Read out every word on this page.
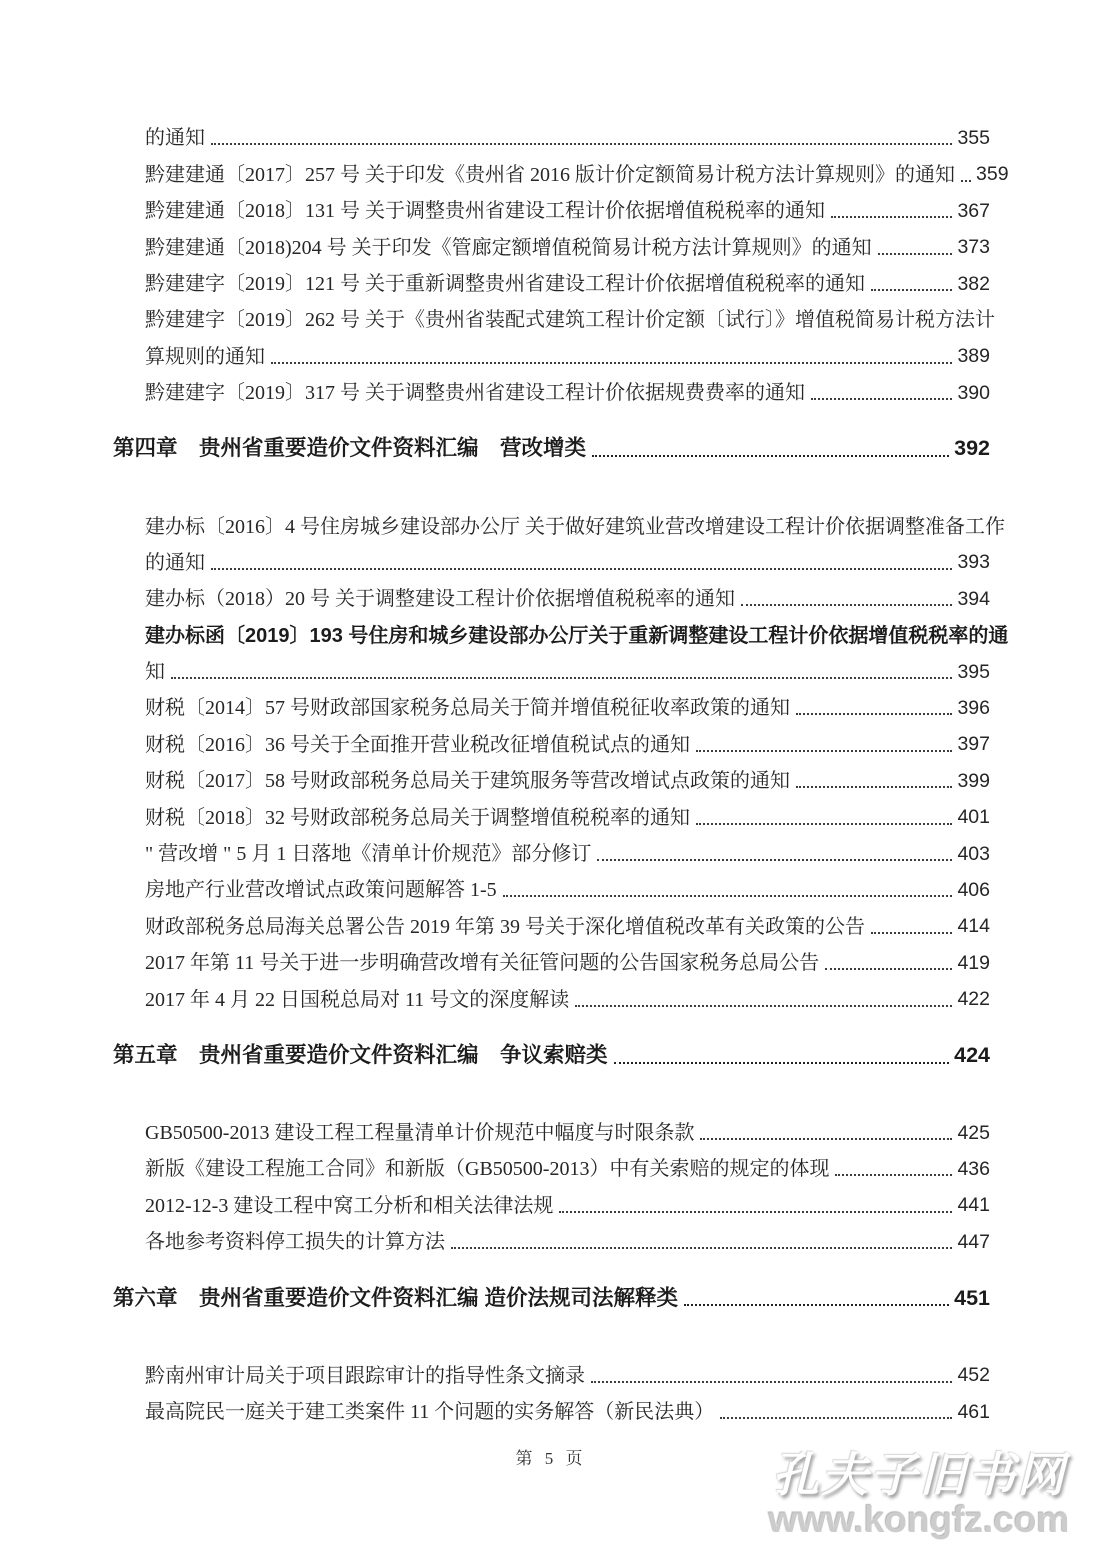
的通知	355
黔建建通〔2017〕257 号 关于印发《贵州省 2016 版计价定额简易计税方法计算规则》的通知 359
黔建建通〔2018〕131 号 关于调整贵州省建设工程计价依据增值税税率的通知	367
黔建建通〔2018)204 号 关于印发《管廊定额增值税简易计税方法计算规则》的通知	373
黔建建字〔2019〕121 号 关于重新调整贵州省建设工程计价依据增值税税率的通知	382
黔建建字〔2019〕262 号 关于《贵州省装配式建筑工程计价定额〔试行〕》增值税简易计税方法计
算规则的通知	389
黔建建字〔2019〕317 号 关于调整贵州省建设工程计价依据规费费率的通知	390
第四章　贵州省重要造价文件资料汇编　营改增类	392
建办标〔2016〕4 号住房城乡建设部办公厅 关于做好建筑业营改增建设工程计价依据调整准备工作
的通知	393
建办标（2018）20 号 关于调整建设工程计价依据增值税税率的通知	394
建办标函〔2019〕193 号住房和城乡建设部办公厅关于重新调整建设工程计价依据增值税税率的通
知	395
财税〔2014〕57 号财政部国家税务总局关于简并增值税征收率政策的通知	396
财税〔2016〕36 号关于全面推开营业税改征增值税试点的通知	397
财税〔2017〕58 号财政部税务总局关于建筑服务等营改增试点政策的通知	399
财税〔2018〕32 号财政部税务总局关于调整增值税税率的通知	401
" 营改增 " 5 月 1 日落地《清单计价规范》部分修订	403
房地产行业营改增试点政策问题解答 1-5	406
财政部税务总局海关总署公告 2019 年第 39 号关于深化增值税改革有关政策的公告	414
2017 年第 11 号关于进一步明确营改增有关征管问题的公告国家税务总局公告	419
2017 年 4 月 22 日国税总局对 11 号文的深度解读	422
第五章　贵州省重要造价文件资料汇编　争议索赔类	424
GB50500-2013 建设工程工程量清单计价规范中幅度与时限条款	425
新版《建设工程施工合同》和新版（GB50500-2013）中有关索赔的规定的体现	436
2012-12-3 建设工程中窝工分析和相关法律法规	441
各地参考资料停工损失的计算方法	447
第六章　贵州省重要造价文件资料汇编 造价法规司法解释类	451
黔南州审计局关于项目跟踪审计的指导性条文摘录	452
最高院民一庭关于建工类案件 11 个问题的实务解答（新民法典）	461
第 5 页	孔夫子旧书网
www.kongfz.com
